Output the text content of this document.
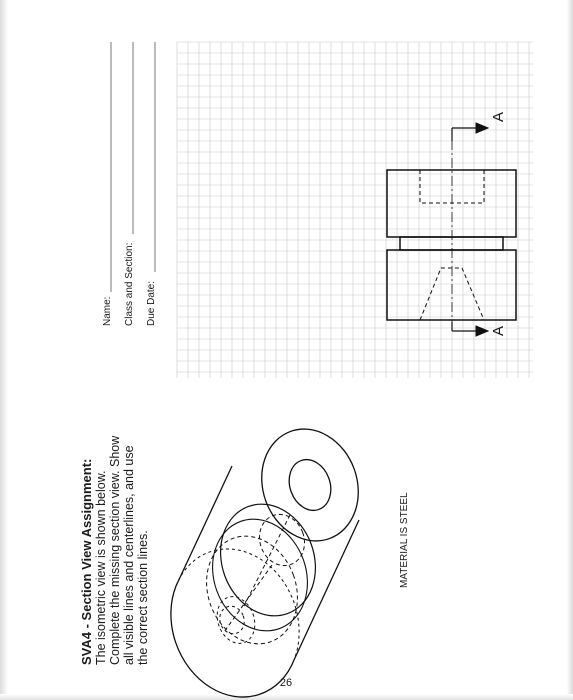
26
SVA4 - Section View Assignment: The isometric view is shown below. Complete the missing section view. Show all visible lines and centerlines, and use the correct section lines.
Name: Class and Section: Due Date:
A
A
MATERIAL IS STEEL
